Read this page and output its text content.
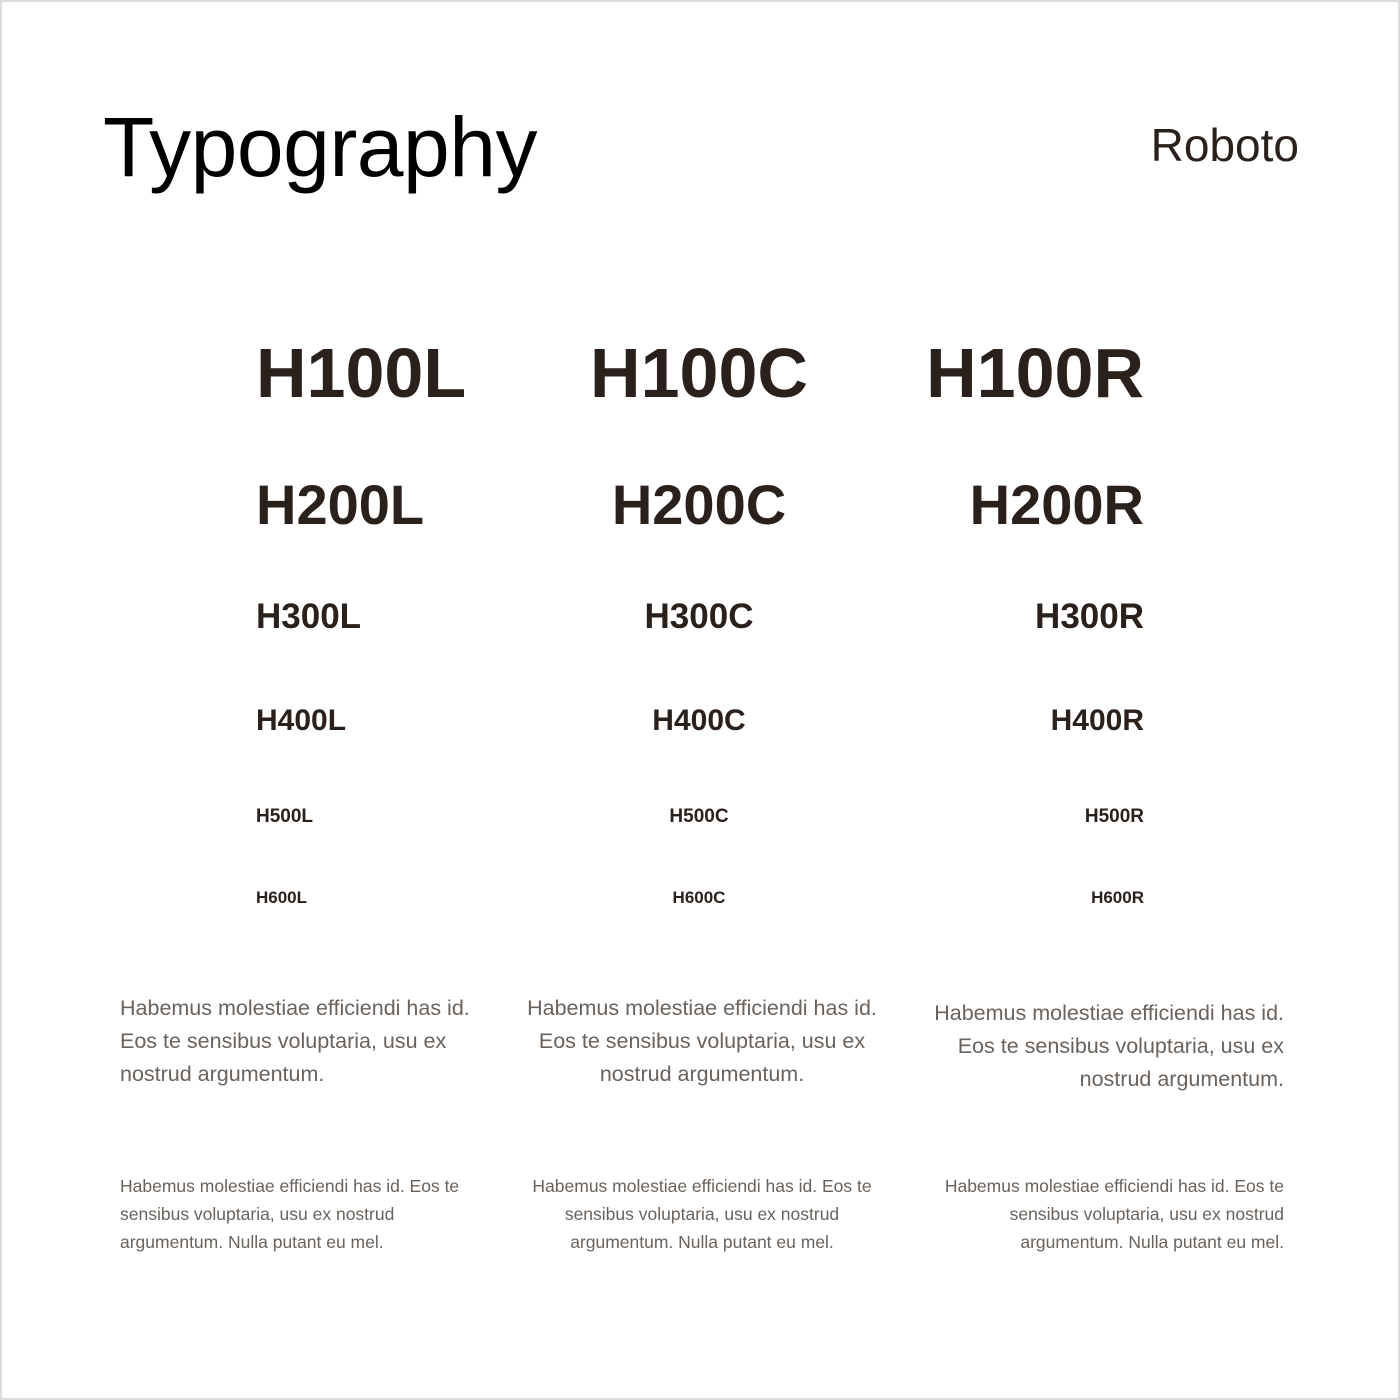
Typography	Roboto
H100L H100C H100R
H200L	H200C	H200R
H300L	H300C	H300R
H400L	H400C	H400R
H500L	H500C	H500R
H600L	H600C	H600R
Habemus molestiae efficiendi has id. Eos te sensibus voluptaria, usu ex nostrud argumentum.
Habemus molestiae efficiendi has id. Eos te sensibus voluptaria, usu ex nostrud argumentum.
Habemus molestiae efficiendi has id. Eos te sensibus voluptaria, usu ex nostrud argumentum.
Habemus molestiae efficiendi has id. Eos te sensibus voluptaria, usu ex nostrud argumentum. Nulla putant eu mel.
Habemus molestiae efficiendi has id. Eos te sensibus voluptaria, usu ex nostrud argumentum. Nulla putant eu mel.
Habemus molestiae efficiendi has id. Eos te sensibus voluptaria, usu ex nostrud argumentum. Nulla putant eu mel.
